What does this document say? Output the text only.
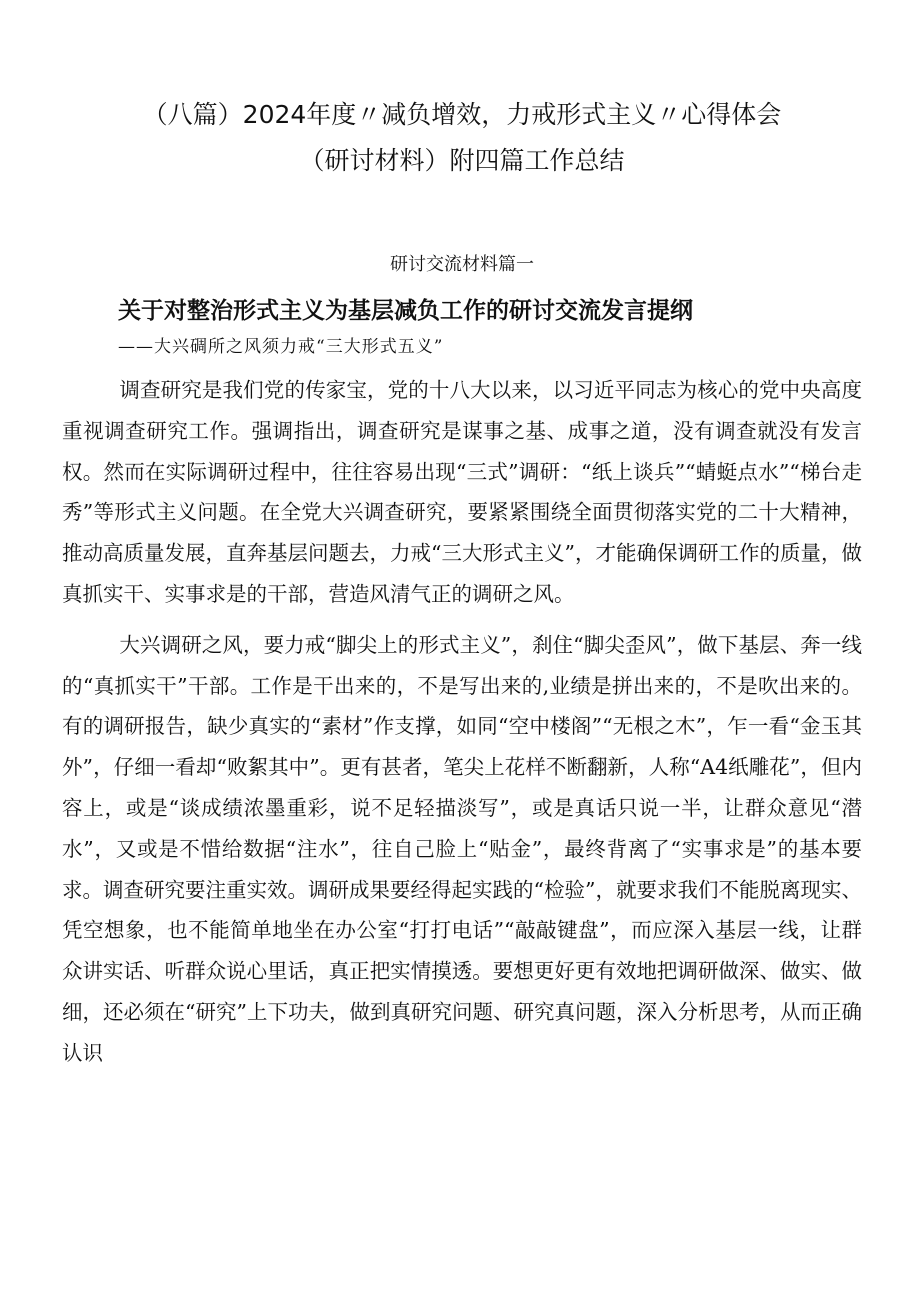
（八篇）2024年度〃减负增效，力戒形式主义〃心得体会
（研讨材料）附四篇工作总结

研讨交流材料篇一

关于对整治形式主义为基层减负工作的研讨交流发言提纲

——大兴碉所之风须力戒“三大形式五义”

调查研究是我们党的传家宝，党的十八大以来，以习近平同志为核心的党中央高度重视调查研究工作。强调指出，调查研究是谋事之基、成事之道，没有调查就没有发言权。然而在实际调研过程中，往往容易出现“三式”调研：“纸上谈兵”“蜻蜓点水”“梯台走秀”等形式主义问题。在全党大兴调查研究，要紧紧围绕全面贯彻落实党的二十大精神，推动高质量发展，直奔基层问题去，力戒“三大形式主义”，才能确保调研工作的质量，做真抓实干、实事求是的干部，营造风清气正的调研之风。

大兴调研之风，要力戒“脚尖上的形式主义”，刹住“脚尖歪风”，做下基层、奔一线的“真抓实干”干部。工作是干出来的，不是写出来的,业绩是拼出来的，不是吹出来的。有的调研报告，缺少真实的“素材”作支撑，如同“空中楼阁”“无根之木”，乍一看“金玉其外”，仔细一看却“败絮其中”。更有甚者，笔尖上花样不断翻新，人称“A4纸雕花”，但内容上，或是“谈成绩浓墨重彩，说不足轻描淡写”，或是真话只说一半，让群众意见“潜水”，又或是不惜给数据“注水”，往自己脸上“贴金”，最终背离了“实事求是”的基本要求。调查研究要注重实效。调研成果要经得起实践的“检验”，就要求我们不能脱离现实、凭空想象，也不能简单地坐在办公室“打打电话”“敲敲键盘”，而应深入基层一线，让群众讲实话、听群众说心里话，真正把实情摸透。要想更好更有效地把调研做深、做实、做细，还必须在“研究”上下功夫，做到真研究问题、研究真问题，深入分析思考，从而正确认识
